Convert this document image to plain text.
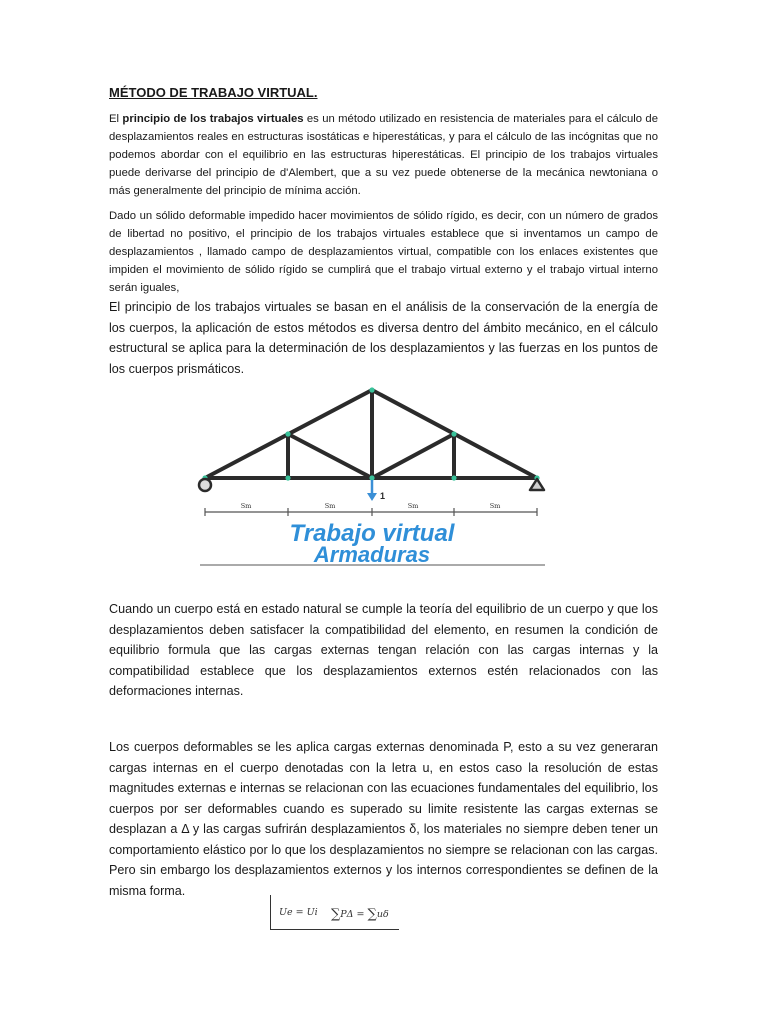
MÉTODO DE TRABAJO VIRTUAL.

El principio de los trabajos virtuales es un método utilizado en resistencia de materiales para el cálculo de desplazamientos reales en estructuras isostáticas e hiperestáticas, y para el cálculo de las incógnitas que no podemos abordar con el equilibrio en las estructuras hiperestáticas. El principio de los trabajos virtuales puede derivarse del principio de d'Alembert, que a su vez puede obtenerse de la mecánica newtoniana o más generalmente del principio de mínima acción.

Dado un sólido deformable impedido hacer movimientos de sólido rígido, es decir, con un número de grados de libertad no positivo, el principio de los trabajos virtuales establece que si inventamos un campo de desplazamientos , llamado campo de desplazamientos virtual, compatible con los enlaces existentes que impiden el movimiento de sólido rígido se cumplirá que el trabajo virtual externo y el trabajo virtual interno serán iguales,

El principio de los trabajos virtuales se basan en el análisis de la conservación de la energía de los cuerpos, la aplicación de estos métodos es diversa dentro del ámbito mecánico, en el cálculo estructural se aplica para la determinación de los desplazamientos y las fuerzas en los puntos de los cuerpos prismáticos.

1
Sm	Sm	Sm	Sm
Trabajo virtual
Armaduras

Cuando un cuerpo está en estado natural se cumple la teoría del equilibrio de un cuerpo y que los desplazamientos deben satisfacer la compatibilidad del elemento, en resumen la condición de equilibrio formula que las cargas externas tengan relación con las cargas internas y la compatibilidad establece que los desplazamientos externos estén relacionados con las deformaciones internas.

Los cuerpos deformables se les aplica cargas externas denominada P, esto a su vez generaran cargas internas en el cuerpo denotadas con la letra u, en estos caso la resolución de estas magnitudes externas e internas se relacionan con las ecuaciones fundamentales del equilibrio, los cuerpos por ser deformables cuando es superado su limite resistente las cargas externas se desplazan a Δ y las cargas sufrirán desplazamientos δ, los materiales no siempre deben tener un comportamiento elástico por lo que los desplazamientos no siempre se relacionan con las cargas. Pero sin embargo los desplazamientos externos y los internos correspondientes se definen de la misma forma.

Ue = Ui ∑PΔ = ∑uδ
